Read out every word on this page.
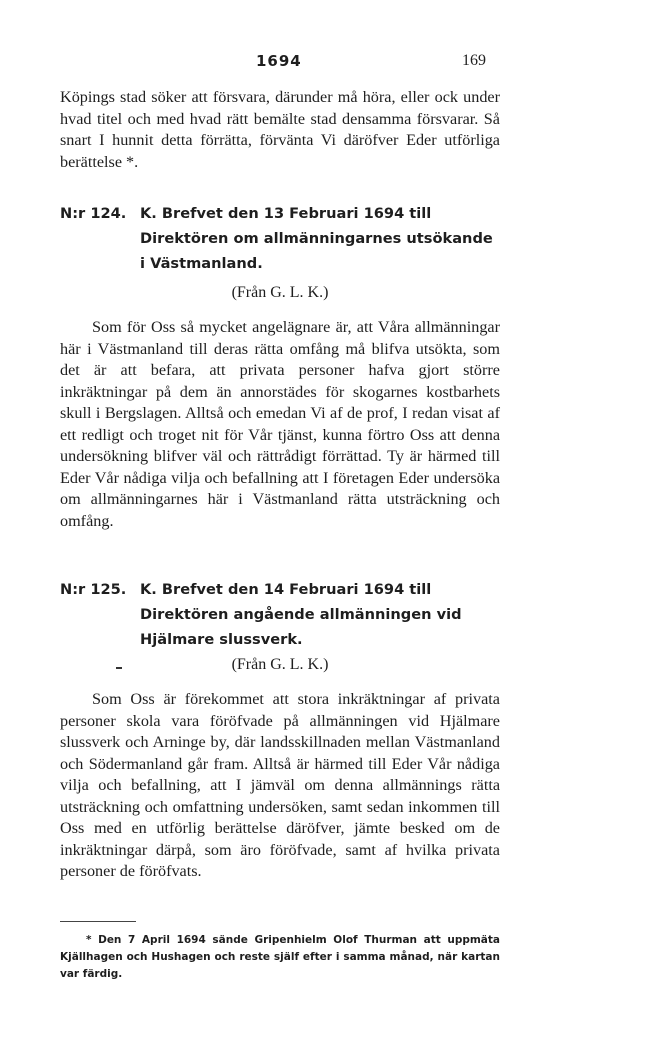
1694	169

Köpings stad söker att försvara, därunder må höra, eller ock under hvad titel och med hvad rätt bemälte stad densamma försvarar. Så snart I hunnit detta förrätta, förvänta Vi däröfver Eder utförliga berättelse *.

N:r 124. K. Brefvet den 13 Februari 1694 till Direktören om allmänningarnes utsökande i Västmanland.
(Från G. L. K.)

Som för Oss så mycket angelägnare är, att Våra allmänningar här i Västmanland till deras rätta omfång må blifva utsökta, som det är att befara, att privata personer hafva gjort större inkräktningar på dem än annorstädes för skogarnes kostbarhets skull i Bergslagen. Alltså och emedan Vi af de prof, I redan visat af ett redligt och troget nit för Vår tjänst, kunna förtro Oss att denna undersökning blifver väl och rättrådigt förrättad. Ty är härmed till Eder Vår nådiga vilja och befallning att I företagen Eder undersöka om allmänningarnes här i Västmanland rätta utsträckning och omfång.

N:r 125. K. Brefvet den 14 Februari 1694 till Direktören angående allmänningen vid Hjälmare slussverk.
(Från G. L. K.)

Som Oss är förekommet att stora inkräktningar af privata personer skola vara föröfvade på allmänningen vid Hjälmare slussverk och Arninge by, där landsskillnaden mellan Västmanland och Södermanland går fram. Alltså är härmed till Eder Vår nådiga vilja och befallning, att I jämväl om denna allmännings rätta utsträckning och omfattning undersöken, samt sedan inkommen till Oss med en utförlig berättelse däröfver, jämte besked om de inkräktningar därpå, som äro föröfvade, samt af hvilka privata personer de föröfvats.

* Den 7 April 1694 sände Gripenhielm Olof Thurman att uppmäta Kjällhagen och Hushagen och reste själf efter i samma månad, när kartan var färdig.
